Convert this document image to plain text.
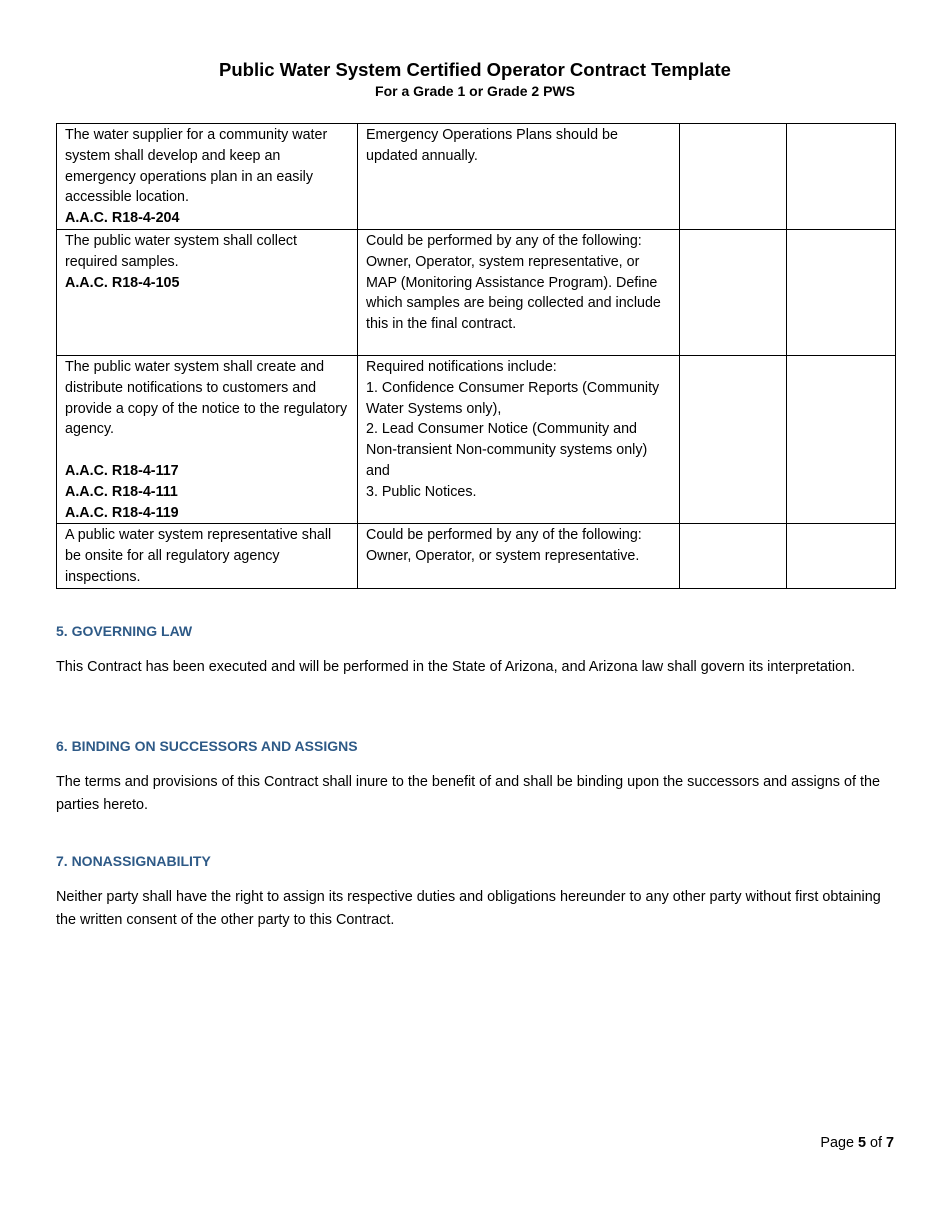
Public Water System Certified Operator Contract Template
For a Grade 1 or Grade 2 PWS
The water supplier for a community water system shall develop and keep an emergency operations plan in an easily accessible location.
A.A.C. R18-4-204	Emergency Operations Plans should be updated annually.		
The public water system shall collect required samples.
A.A.C. R18-4-105	Could be performed by any of the following: Owner, Operator, system representative, or MAP (Monitoring Assistance Program). Define which samples are being collected and include this in the final contract.		
The public water system shall create and distribute notifications to customers and provide a copy of the notice to the regulatory agency.
A.A.C. R18-4-117
A.A.C. R18-4-111
A.A.C. R18-4-119	Required notifications include:
1. Confidence Consumer Reports (Community Water Systems only),
2. Lead Consumer Notice (Community and Non-transient Non-community systems only) and
3. Public Notices.		

A public water system representative shall be onsite for all regulatory agency inspections.	Could be performed by any of the following: Owner, Operator, or system representative.		
5. GOVERNING LAW

This Contract has been executed and will be performed in the State of Arizona, and Arizona law shall govern its interpretation.

6. BINDING ON SUCCESSORS AND ASSIGNS

The terms and provisions of this Contract shall inure to the benefit of and shall be binding upon the successors and assigns of the parties hereto.

7. NONASSIGNABILITY

Neither party shall have the right to assign its respective duties and obligations hereunder to any other party without first obtaining the written consent of the other party to this Contract.

Page 5 of 7
